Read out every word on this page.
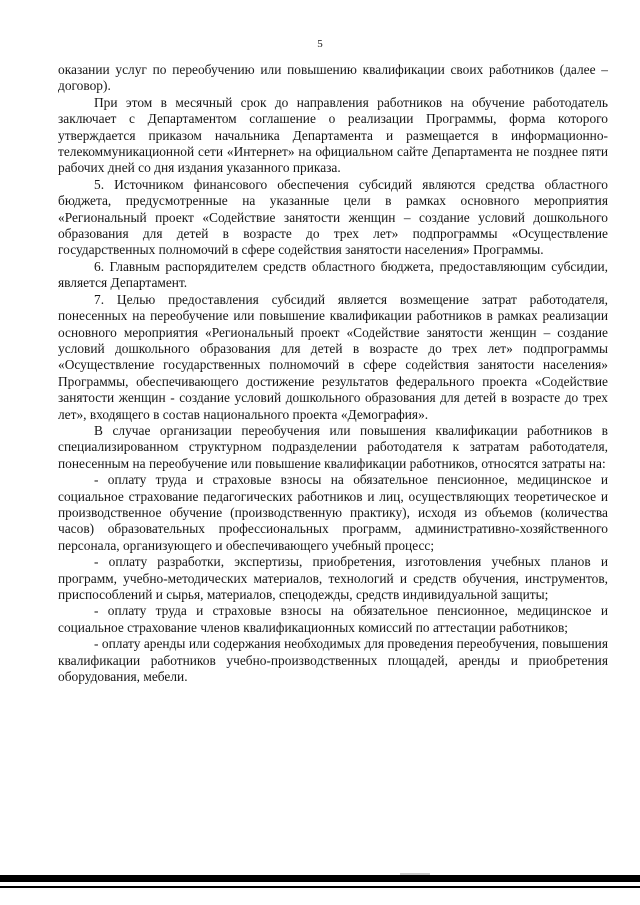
5

оказании услуг по переобучению или повышению квалификации своих работников (далее – договор).

При этом в месячный срок до направления работников на обучение работодатель заключает с Департаментом соглашение о реализации Программы, форма которого утверждается приказом начальника Департамента и размещается в информационно-телекоммуникационной сети «Интернет» на официальном сайте Департамента не позднее пяти рабочих дней со дня издания указанного приказа.

5. Источником финансового обеспечения субсидий являются средства областного бюджета, предусмотренные на указанные цели в рамках основного мероприятия «Региональный проект «Содействие занятости женщин – создание условий дошкольного образования для детей в возрасте до трех лет» подпрограммы «Осуществление государственных полномочий в сфере содействия занятости населения» Программы.

6. Главным распорядителем средств областного бюджета, предоставляющим субсидии, является Департамент.

7. Целью предоставления субсидий является возмещение затрат работодателя, понесенных на переобучение или повышение квалификации работников в рамках реализации основного мероприятия «Региональный проект «Содействие занятости женщин – создание условий дошкольного образования для детей в возрасте до трех лет» подпрограммы «Осуществление государственных полномочий в сфере содействия занятости населения» Программы, обеспечивающего достижение результатов федерального проекта «Содействие занятости женщин - создание условий дошкольного образования для детей в возрасте до трех лет», входящего в состав национального проекта «Демография».

В случае организации переобучения или повышения квалификации работников в специализированном структурном подразделении работодателя к затратам работодателя, понесенным на переобучение или повышение квалификации работников, относятся затраты на:

- оплату труда и страховые взносы на обязательное пенсионное, медицинское и социальное страхование педагогических работников и лиц, осуществляющих теоретическое и производственное обучение (производственную практику), исходя из объемов (количества часов) образовательных профессиональных программ, административно-хозяйственного персонала, организующего и обеспечивающего учебный процесс;

- оплату разработки, экспертизы, приобретения, изготовления учебных планов и программ, учебно-методических материалов, технологий и средств обучения, инструментов, приспособлений и сырья, материалов, спецодежды, средств индивидуальной защиты;

- оплату труда и страховые взносы на обязательное пенсионное, медицинское и социальное страхование членов квалификационных комиссий по аттестации работников;

- оплату аренды или содержания необходимых для проведения переобучения, повышения квалификации работников учебно-производственных площадей, аренды и приобретения оборудования, мебели.
